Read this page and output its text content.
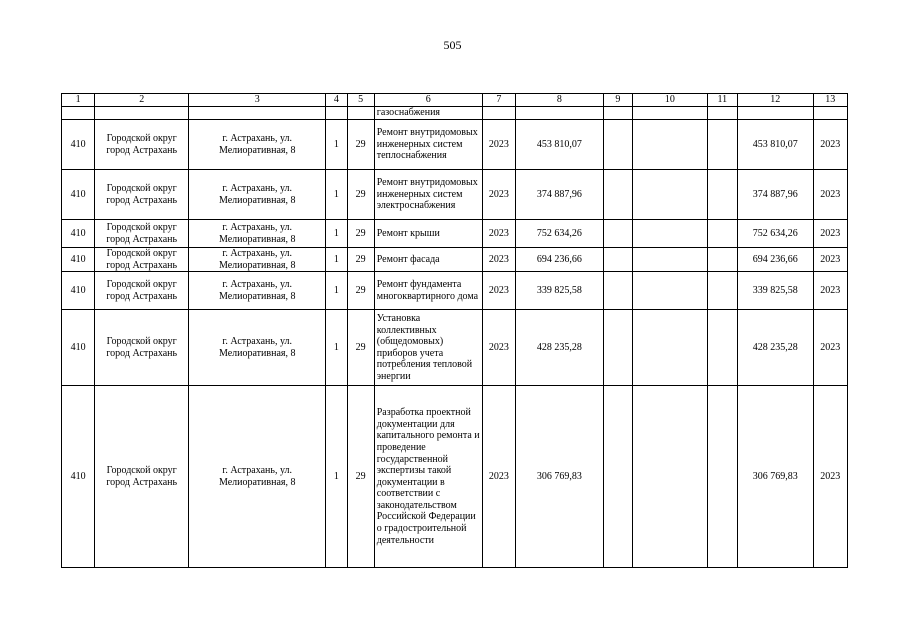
505
1	2	3	4	5	6	7	8	9	10	11	12	13
					газоснабжения							
410	Городской округ город Астрахань	г. Астрахань, ул. Мелиоративная, 8	1	29	Ремонт внутридомовых инженерных систем теплоснабжения	2023	453 810,07				453 810,07	2023
410	Городской округ город Астрахань	г. Астрахань, ул. Мелиоративная, 8	1	29	Ремонт внутридомовых инженерных систем электроснабжения	2023	374 887,96				374 887,96	2023
410	Городской округ город Астрахань	г. Астрахань, ул. Мелиоративная, 8	1	29	Ремонт крыши	2023	752 634,26				752 634,26	2023
410	Городской округ город Астрахань	г. Астрахань, ул. Мелиоративная, 8	1	29	Ремонт фасада	2023	694 236,66				694 236,66	2023
410	Городской округ город Астрахань	г. Астрахань, ул. Мелиоративная, 8	1	29	Ремонт фундамента многоквартирного дома	2023	339 825,58				339 825,58	2023
410	Городской округ город Астрахань	г. Астрахань, ул. Мелиоративная, 8	1	29	Установка коллективных (общедомовых) приборов учета потребления тепловой энергии	2023	428 235,28				428 235,28	2023
410	Городской округ город Астрахань	г. Астрахань, ул. Мелиоративная, 8	1	29	Разработка проектной документации для капитального ремонта и проведение государственной экспертизы такой документации в соответствии с законодательством Российской Федерации о градостроительной деятельности	2023	306 769,83				306 769,83	2023
